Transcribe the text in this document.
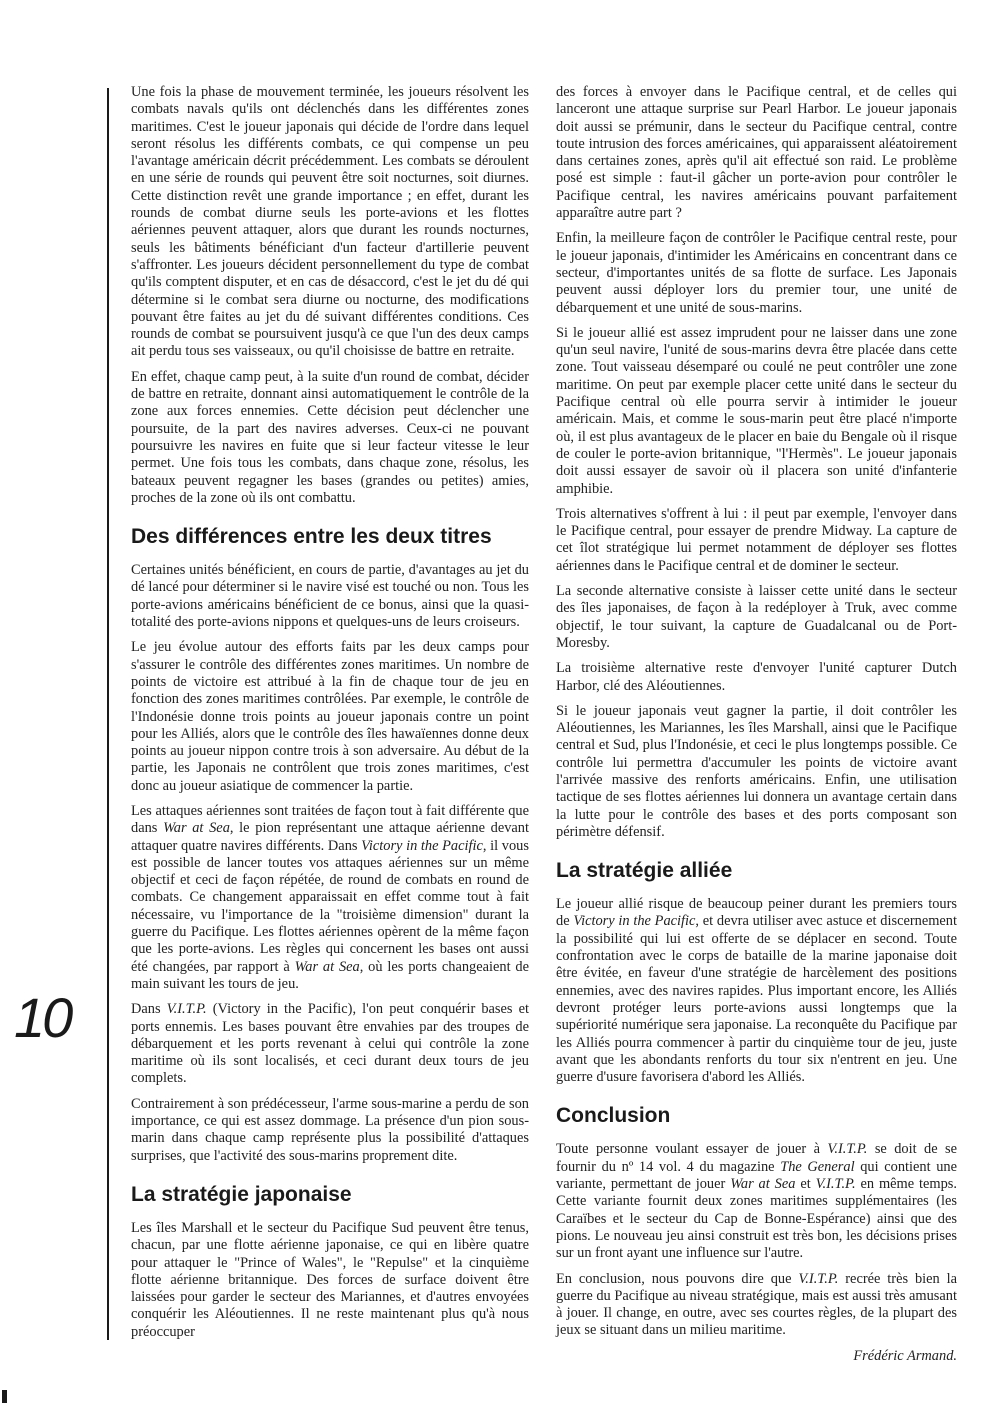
10

Une fois la phase de mouvement terminée, les joueurs résolvent les combats navals qu'ils ont déclenchés dans les différentes zones maritimes. C'est le joueur japonais qui décide de l'ordre dans lequel seront résolus les différents combats, ce qui compense un peu l'avantage américain décrit précédemment. Les combats se déroulent en une série de rounds qui peuvent être soit nocturnes, soit diurnes. Cette distinction revêt une grande importance ; en effet, durant les rounds de combat diurne seuls les porte-avions et les flottes aériennes peuvent attaquer, alors que durant les rounds nocturnes, seuls les bâtiments bénéficiant d'un facteur d'artillerie peuvent s'affronter. Les joueurs décident personnellement du type de combat qu'ils comptent disputer, et en cas de désaccord, c'est le jet du dé qui détermine si le combat sera diurne ou nocturne, des modifications pouvant être faites au jet du dé suivant différentes conditions. Ces rounds de combat se poursuivent jusqu'à ce que l'un des deux camps ait perdu tous ses vaisseaux, ou qu'il choisisse de battre en retraite.

En effet, chaque camp peut, à la suite d'un round de combat, décider de battre en retraite, donnant ainsi automatiquement le contrôle de la zone aux forces ennemies. Cette décision peut déclencher une poursuite, de la part des navires adverses. Ceux-ci ne pouvant poursuivre les navires en fuite que si leur facteur vitesse le leur permet. Une fois tous les combats, dans chaque zone, résolus, les bateaux peuvent regagner les bases (grandes ou petites) amies, proches de la zone où ils ont combattu.

Des différences entre les deux titres

Certaines unités bénéficient, en cours de partie, d'avantages au jet du dé lancé pour déterminer si le navire visé est touché ou non. Tous les porte-avions américains bénéficient de ce bonus, ainsi que la quasi-totalité des porte-avions nippons et quelques-uns de leurs croiseurs.

Le jeu évolue autour des efforts faits par les deux camps pour s'assurer le contrôle des différentes zones maritimes. Un nombre de points de victoire est attribué à la fin de chaque tour de jeu en fonction des zones maritimes contrôlées. Par exemple, le contrôle de l'Indonésie donne trois points au joueur japonais contre un point pour les Alliés, alors que le contrôle des îles hawaïennes donne deux points au joueur nippon contre trois à son adversaire. Au début de la partie, les Japonais ne contrôlent que trois zones maritimes, c'est donc au joueur asiatique de commencer la partie.

Les attaques aériennes sont traitées de façon tout à fait différente que dans War at Sea, le pion représentant une attaque aérienne devant attaquer quatre navires différents. Dans Victory in the Pacific, il vous est possible de lancer toutes vos attaques aériennes sur un même objectif et ceci de façon répétée, de round de combats en round de combats. Ce changement apparaissait en effet comme tout à fait nécessaire, vu l'importance de la "troisième dimension" durant la guerre du Pacifique. Les flottes aériennes opèrent de la même façon que les porte-avions. Les règles qui concernent les bases ont aussi été changées, par rapport à War at Sea, où les ports changeaient de main suivant les tours de jeu.

Dans V.I.T.P. (Victory in the Pacific), l'on peut conquérir bases et ports ennemis. Les bases pouvant être envahies par des troupes de débarquement et les ports revenant à celui qui contrôle la zone maritime où ils sont localisés, et ceci durant deux tours de jeu complets.

Contrairement à son prédécesseur, l'arme sous-marine a perdu de son importance, ce qui est assez dommage. La présence d'un pion sous-marin dans chaque camp représente plus la possibilité d'attaques surprises, que l'activité des sous-marins proprement dite.

La stratégie japonaise

Les îles Marshall et le secteur du Pacifique Sud peuvent être tenus, chacun, par une flotte aérienne japonaise, ce qui en libère quatre pour attaquer le "Prince of Wales", le "Repulse" et la cinquième flotte aérienne britannique. Des forces de surface doivent être laissées pour garder le secteur des Mariannes, et d'autres envoyées conquérir les Aléoutiennes. Il ne reste maintenant plus qu'à nous préoccuper

des forces à envoyer dans le Pacifique central, et de celles qui lanceront une attaque surprise sur Pearl Harbor. Le joueur japonais doit aussi se prémunir, dans le secteur du Pacifique central, contre toute intrusion des forces américaines, qui apparaissent aléatoirement dans certaines zones, après qu'il ait effectué son raid. Le problème posé est simple : faut-il gâcher un porte-avion pour contrôler le Pacifique central, les navires américains pouvant parfaitement apparaître autre part ?

Enfin, la meilleure façon de contrôler le Pacifique central reste, pour le joueur japonais, d'intimider les Américains en concentrant dans ce secteur, d'importantes unités de sa flotte de surface. Les Japonais peuvent aussi déployer lors du premier tour, une unité de débarquement et une unité de sous-marins.

Si le joueur allié est assez imprudent pour ne laisser dans une zone qu'un seul navire, l'unité de sous-marins devra être placée dans cette zone. Tout vaisseau désemparé ou coulé ne peut contrôler une zone maritime. On peut par exemple placer cette unité dans le secteur du Pacifique central où elle pourra servir à intimider le joueur américain. Mais, et comme le sous-marin peut être placé n'importe où, il est plus avantageux de le placer en baie du Bengale où il risque de couler le porte-avion britannique, "l'Hermès". Le joueur japonais doit aussi essayer de savoir où il placera son unité d'infanterie amphibie.

Trois alternatives s'offrent à lui : il peut par exemple, l'envoyer dans le Pacifique central, pour essayer de prendre Midway. La capture de cet îlot stratégique lui permet notamment de déployer ses flottes aériennes dans le Pacifique central et de dominer le secteur.

La seconde alternative consiste à laisser cette unité dans le secteur des îles japonaises, de façon à la redéployer à Truk, avec comme objectif, le tour suivant, la capture de Guadalcanal ou de Port-Moresby.

La troisième alternative reste d'envoyer l'unité capturer Dutch Harbor, clé des Aléoutiennes.

Si le joueur japonais veut gagner la partie, il doit contrôler les Aléoutiennes, les Mariannes, les îles Marshall, ainsi que le Pacifique central et Sud, plus l'Indonésie, et ceci le plus longtemps possible. Ce contrôle lui permettra d'accumuler les points de victoire avant l'arrivée massive des renforts américains. Enfin, une utilisation tactique de ses flottes aériennes lui donnera un avantage certain dans la lutte pour le contrôle des bases et des ports composant son périmètre défensif.

La stratégie alliée

Le joueur allié risque de beaucoup peiner durant les premiers tours de Victory in the Pacific, et devra utiliser avec astuce et discernement la possibilité qui lui est offerte de se déplacer en second. Toute confrontation avec le corps de bataille de la marine japonaise doit être évitée, en faveur d'une stratégie de harcèlement des positions ennemies, avec des navires rapides. Plus important encore, les Alliés devront protéger leurs porte-avions aussi longtemps que la supériorité numérique sera japonaise. La reconquête du Pacifique par les Alliés pourra commencer à partir du cinquième tour de jeu, juste avant que les abondants renforts du tour six n'entrent en jeu. Une guerre d'usure favorisera d'abord les Alliés.

Conclusion

Toute personne voulant essayer de jouer à V.I.T.P. se doit de se fournir du nº 14 vol. 4 du magazine The General qui contient une variante, permettant de jouer War at Sea et V.I.T.P. en même temps. Cette variante fournit deux zones maritimes supplémentaires (les Caraïbes et le secteur du Cap de Bonne-Espérance) ainsi que des pions. Le nouveau jeu ainsi construit est très bon, les décisions prises sur un front ayant une influence sur l'autre.

En conclusion, nous pouvons dire que V.I.T.P. recrée très bien la guerre du Pacifique au niveau stratégique, mais est aussi très amusant à jouer. Il change, en outre, avec ses courtes règles, de la plupart des jeux se situant dans un milieu maritime.

Frédéric Armand.
